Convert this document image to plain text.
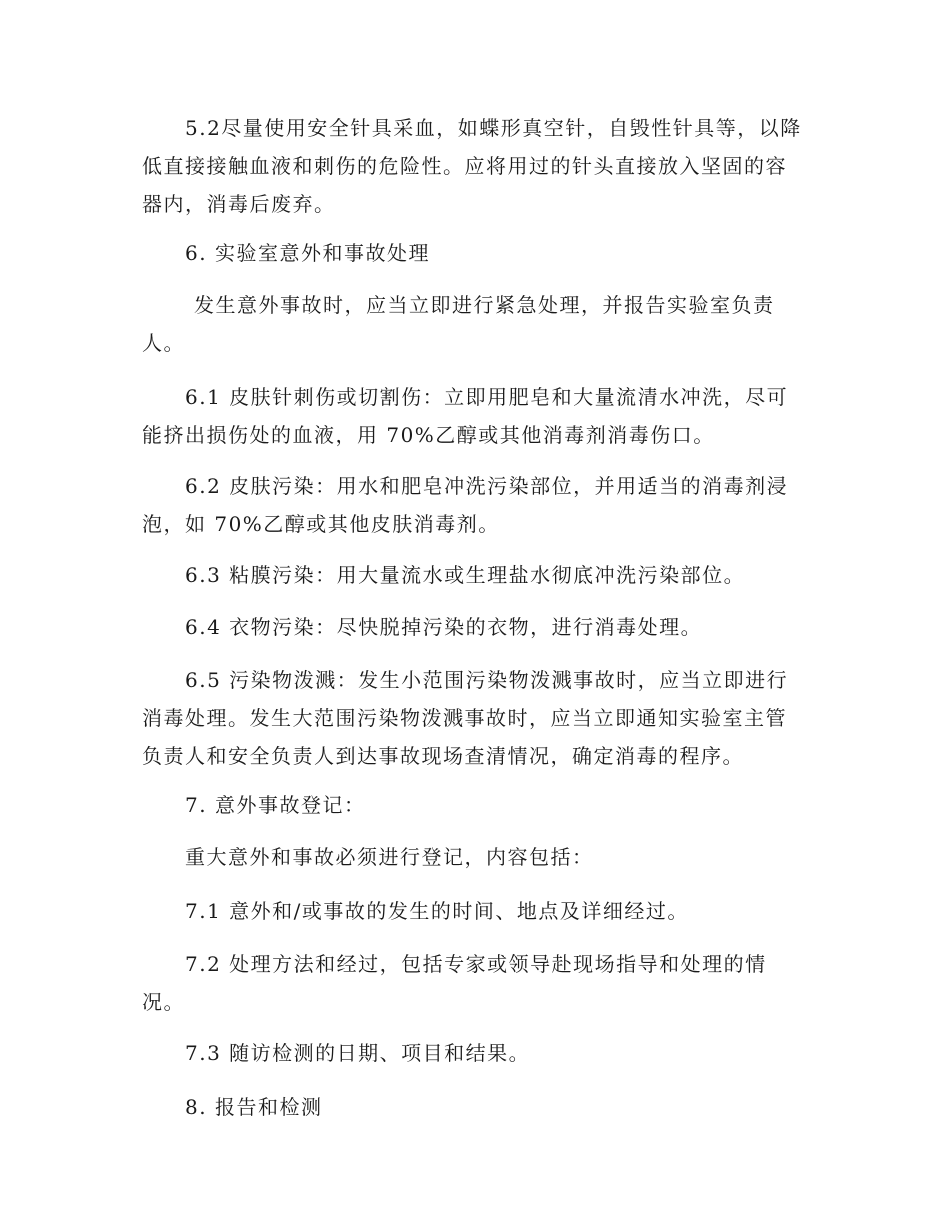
5.2尽量使用安全针具采血，如蝶形真空针，自毁性针具等，以降
低直接接触血液和刺伤的危险性。应将用过的针头直接放入坚固的容
器内，消毒后废弃。
6. 实验室意外和事故处理
发生意外事故时，应当立即进行紧急处理，并报告实验室负责
人。
6.1 皮肤针刺伤或切割伤：立即用肥皂和大量流清水冲洗，尽可
能挤出损伤处的血液，用 70%乙醇或其他消毒剂消毒伤口。
6.2 皮肤污染：用水和肥皂冲洗污染部位，并用适当的消毒剂浸
泡，如 70%乙醇或其他皮肤消毒剂。
6.3 粘膜污染：用大量流水或生理盐水彻底冲洗污染部位。
6.4 衣物污染：尽快脱掉污染的衣物，进行消毒处理。
6.5 污染物泼溅：发生小范围污染物泼溅事故时，应当立即进行
消毒处理。发生大范围污染物泼溅事故时，应当立即通知实验室主管
负责人和安全负责人到达事故现场查清情况，确定消毒的程序。
7. 意外事故登记：
重大意外和事故必须进行登记，内容包括：
7.1 意外和/或事故的发生的时间、地点及详细经过。
7.2 处理方法和经过，包括专家或领导赴现场指导和处理的情
况。
7.3 随访检测的日期、项目和结果。
8. 报告和检测
